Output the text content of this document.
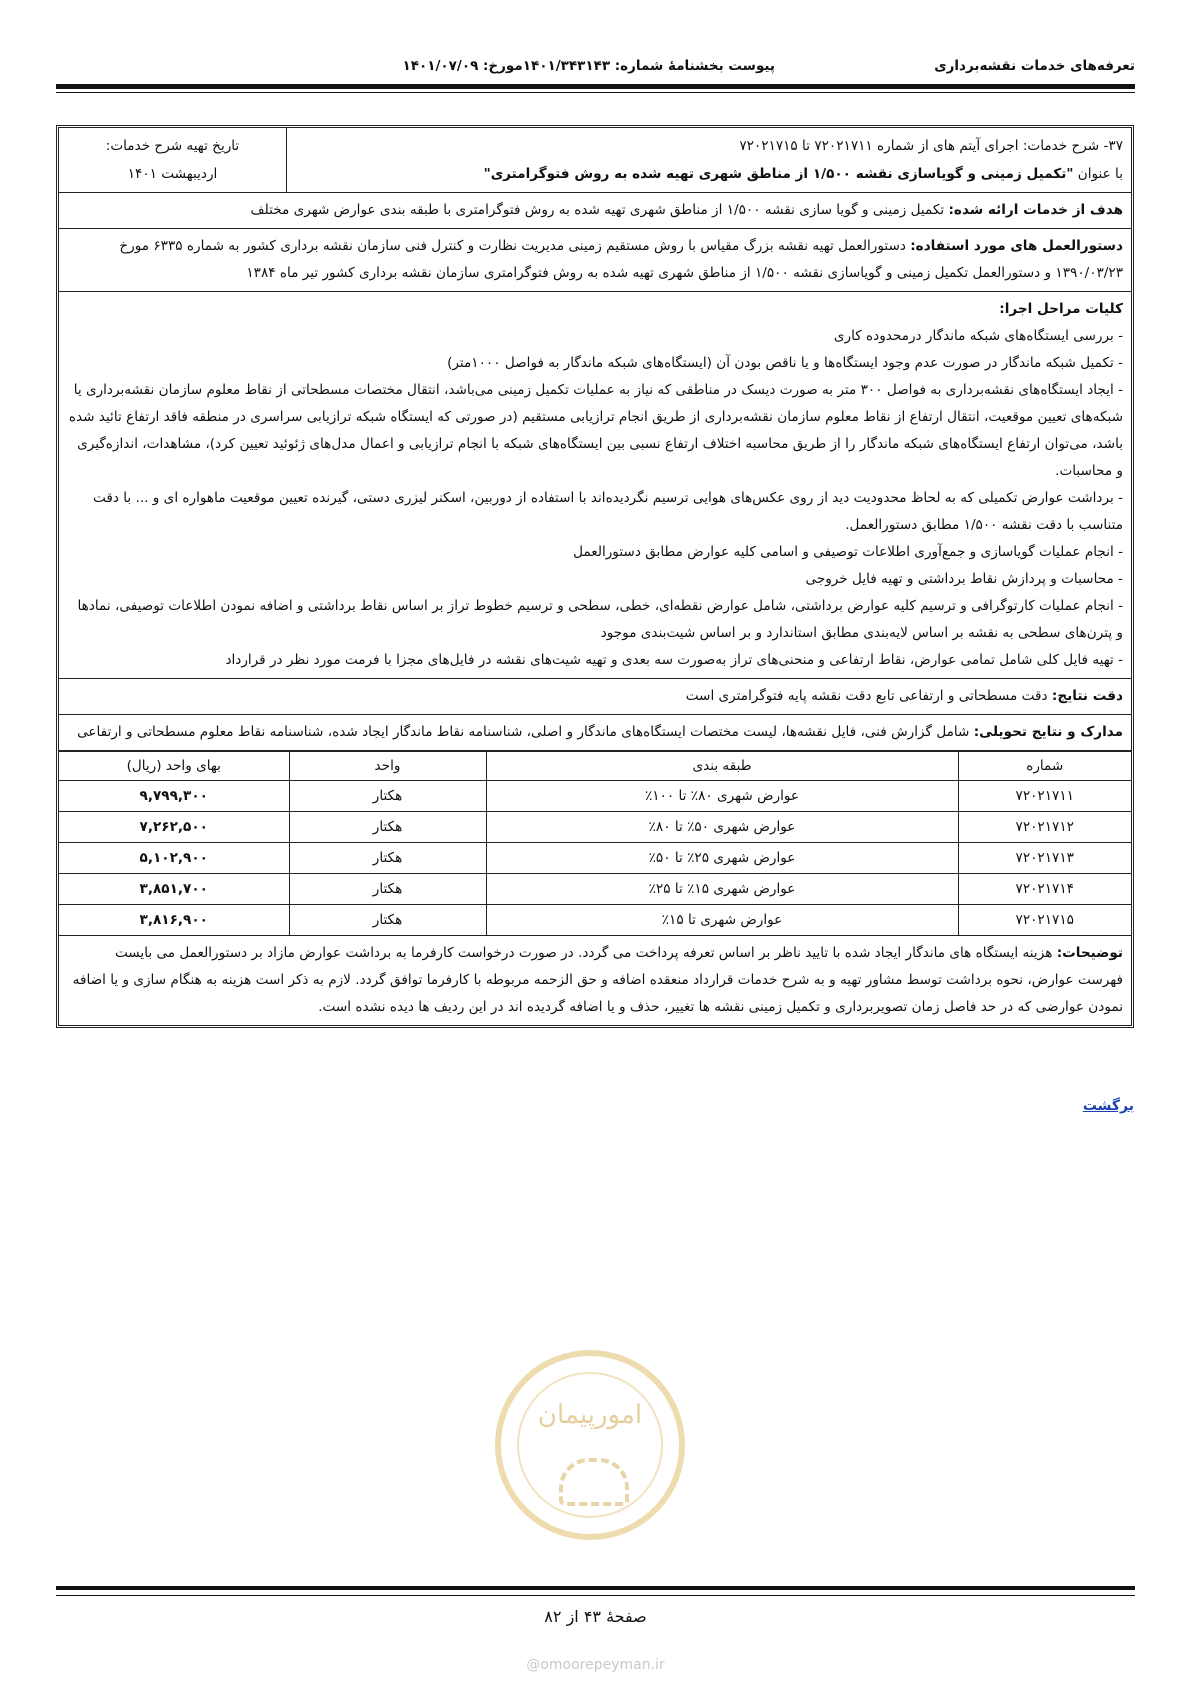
تعرفه‌های خدمات نقشه‌برداری
پیوست بخشنامهٔ شماره: ۱۴۰۱/۳۴۳۱۴۳مورخ: ۱۴۰۱/۰۷/۰۹
۳۷- شرح خدمات: اجرای آیتم های از شماره ۷۲۰۲۱۷۱۱ تا ۷۲۰۲۱۷۱۵
با عنوان "تکمیل زمینی و گویاسازی نقشه ۱/۵۰۰ از مناطق شهری تهیه شده به روش فتوگرامتری"
تاریخ تهیه شرح خدمات:
اردیبهشت ۱۴۰۱
هدف از خدمات ارائه شده: تکمیل زمینی و گویا سازی نقشه ۱/۵۰۰ از مناطق شهری تهیه شده به روش فتوگرامتری با طبقه بندی عوارض شهری مختلف
دستورالعمل های مورد استفاده: دستورالعمل تهیه نقشه بزرگ مقیاس با روش مستقیم زمینی مدیریت نظارت و کنترل فنی سازمان نقشه برداری کشور به شماره ۶۳۳۵ مورخ ۱۳۹۰/۰۳/۲۳ و دستورالعمل تکمیل زمینی و گویاسازی نقشه ۱/۵۰۰ از مناطق شهری تهیه شده به روش فتوگرامتری سازمان نقشه برداری کشور تیر ماه ۱۳۸۴
کلیات مراحل اجرا:
- بررسی ایستگاه‌های شبکه ماندگار درمحدوده کاری
- تکمیل شبکه ماندگار در صورت عدم وجود ایستگاه‌ها و یا ناقص بودن آن (ایستگاه‌های شبکه ماندگار به فواصل ۱۰۰۰متر)
- ایجاد ایستگاه‌های نقشه‌برداری به فواصل ۳۰۰ متر به صورت دیسک در مناطقی که نیاز به عملیات تکمیل زمینی می‌باشد، انتقال مختصات مسطحاتی از نقاط معلوم سازمان نقشه‌برداری یا شبکه‌های تعیین موقعیت، انتقال ارتفاع از نقاط معلوم سازمان نقشه‌برداری از طریق انجام ترازیابی مستقیم (در صورتی که ایستگاه شبکه ترازیابی سراسری در منطقه فاقد ارتفاع تائید شده باشد، می‌توان ارتفاع ایستگاه‌های شبکه ماندگار را از طریق محاسبه اختلاف ارتفاع نسبی بین ایستگاه‌های شبکه با انجام ترازیابی و اعمال مدل‌های ژئوئید تعیین کرد)، مشاهدات، اندازه‌گیری و محاسبات.
- برداشت عوارض تکمیلی که به لحاظ محدودیت دید از روی عکس‌های هوایی ترسیم نگردیده‌اند با استفاده از دوربین، اسکنر لیزری دستی، گیرنده تعیین موقعیت ماهواره ای و ... با دقت متناسب با دقت نقشه ۱/۵۰۰ مطابق دستورالعمل.
- انجام عملیات گویاسازی و جمع‌آوری اطلاعات توصیفی و اسامی کلیه عوارض مطابق دستورالعمل
- محاسبات و پردازش نقاط برداشتی و تهیه فایل خروجی
- انجام عملیات کارتوگرافی و ترسیم کلیه عوارض برداشتی، شامل عوارض نقطه‌ای، خطی، سطحی و ترسیم خطوط تراز بر اساس نقاط برداشتی و اضافه نمودن اطلاعات توصیفی، نمادها و پترن‌های سطحی به نقشه بر اساس لایه‌بندی مطابق استاندارد و بر اساس شیت‌بندی موجود
- تهیه فایل کلی شامل تمامی عوارض، نقاط ارتفاعی و منحنی‌های تراز به‌صورت سه بعدی و تهیه شیت‌های نقشه در فایل‌های مجزا با فرمت مورد نظر در قرارداد
دقت نتایج: دقت مسطحاتی و ارتفاعی تابع دقت نقشه پایه فتوگرامتری است
مدارک و نتایج تحویلی: شامل گزارش فنی، فایل نقشه‌ها، لیست مختصات ایستگاه‌های ماندگار و اصلی، شناسنامه نقاط ماندگار ایجاد شده، شناسنامه نقاط معلوم مسطحاتی و ارتفاعی
شماره	طبقه بندی	واحد	بهای واحد (ریال)
۷۲۰۲۱۷۱۱	عوارض شهری ۸۰٪ تا ۱۰۰٪	هکتار	۹,۷۹۹,۳۰۰
۷۲۰۲۱۷۱۲	عوارض شهری ۵۰٪ تا ۸۰٪	هکتار	۷,۲۶۲,۵۰۰
۷۲۰۲۱۷۱۳	عوارض شهری ۲۵٪ تا ۵۰٪	هکتار	۵,۱۰۲,۹۰۰
۷۲۰۲۱۷۱۴	عوارض شهری ۱۵٪ تا ۲۵٪	هکتار	۳,۸۵۱,۷۰۰
۷۲۰۲۱۷۱۵	عوارض شهری تا ۱۵٪	هکتار	۳,۸۱۶,۹۰۰
توضیحات: هزینه ایستگاه های ماندگار ایجاد شده با تایید ناظر بر اساس تعرفه پرداخت می گردد. در صورت درخواست کارفرما به برداشت عوارض مازاد بر دستورالعمل می بایست فهرست عوارض، نحوه برداشت توسط مشاور تهیه و به شرح خدمات قرارداد منعقده اضافه و حق الزحمه مربوطه با کارفرما توافق گردد. لازم به ذکر است هزینه به هنگام سازی و یا اضافه نمودن عوارضی که در حد فاصل زمان تصویربرداری و تکمیل زمینی نقشه ها تغییر، حذف و یا اضافه گردیده اند در این ردیف ها دیده نشده است.
برگشت
امورپیمان
صفحهٔ ۴۳ از ۸۲
@omoorepeyman.ir
